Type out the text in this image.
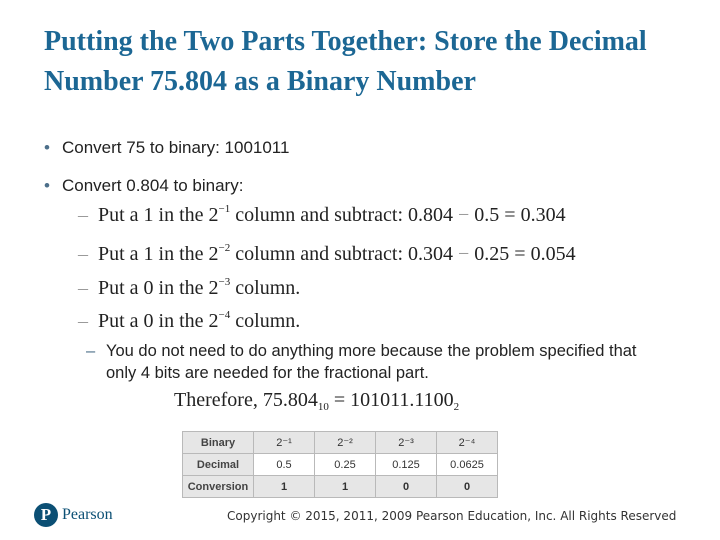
Putting the Two Parts Together: Store the Decimal Number 75.804 as a Binary Number
• Convert 75 to binary: 1001011
• Convert 0.804 to binary:
– Put a 1 in the $2^{-1}$ column and subtract: 0.804 − 0.5 = 0.304
– Put a 1 in the $2^{-2}$ column and subtract: 0.304 − 0.25 = 0.054
– Put a 0 in the $2^{-3}$ column.
– Put a 0 in the $2^{-4}$ column.
– You do not need to do anything more because the problem specified that only 4 bits are needed for the fractional part.
Therefore, $75.804_{10} = 101011.1100_2$
Binary	2⁻¹	2⁻²	2⁻³	2⁻⁴
Decimal	0.5	0.25	0.125	0.0625
Conversion	1	1	0	0
P Pearson	Copyright © 2015, 2011, 2009 Pearson Education, Inc. All Rights Reserved
